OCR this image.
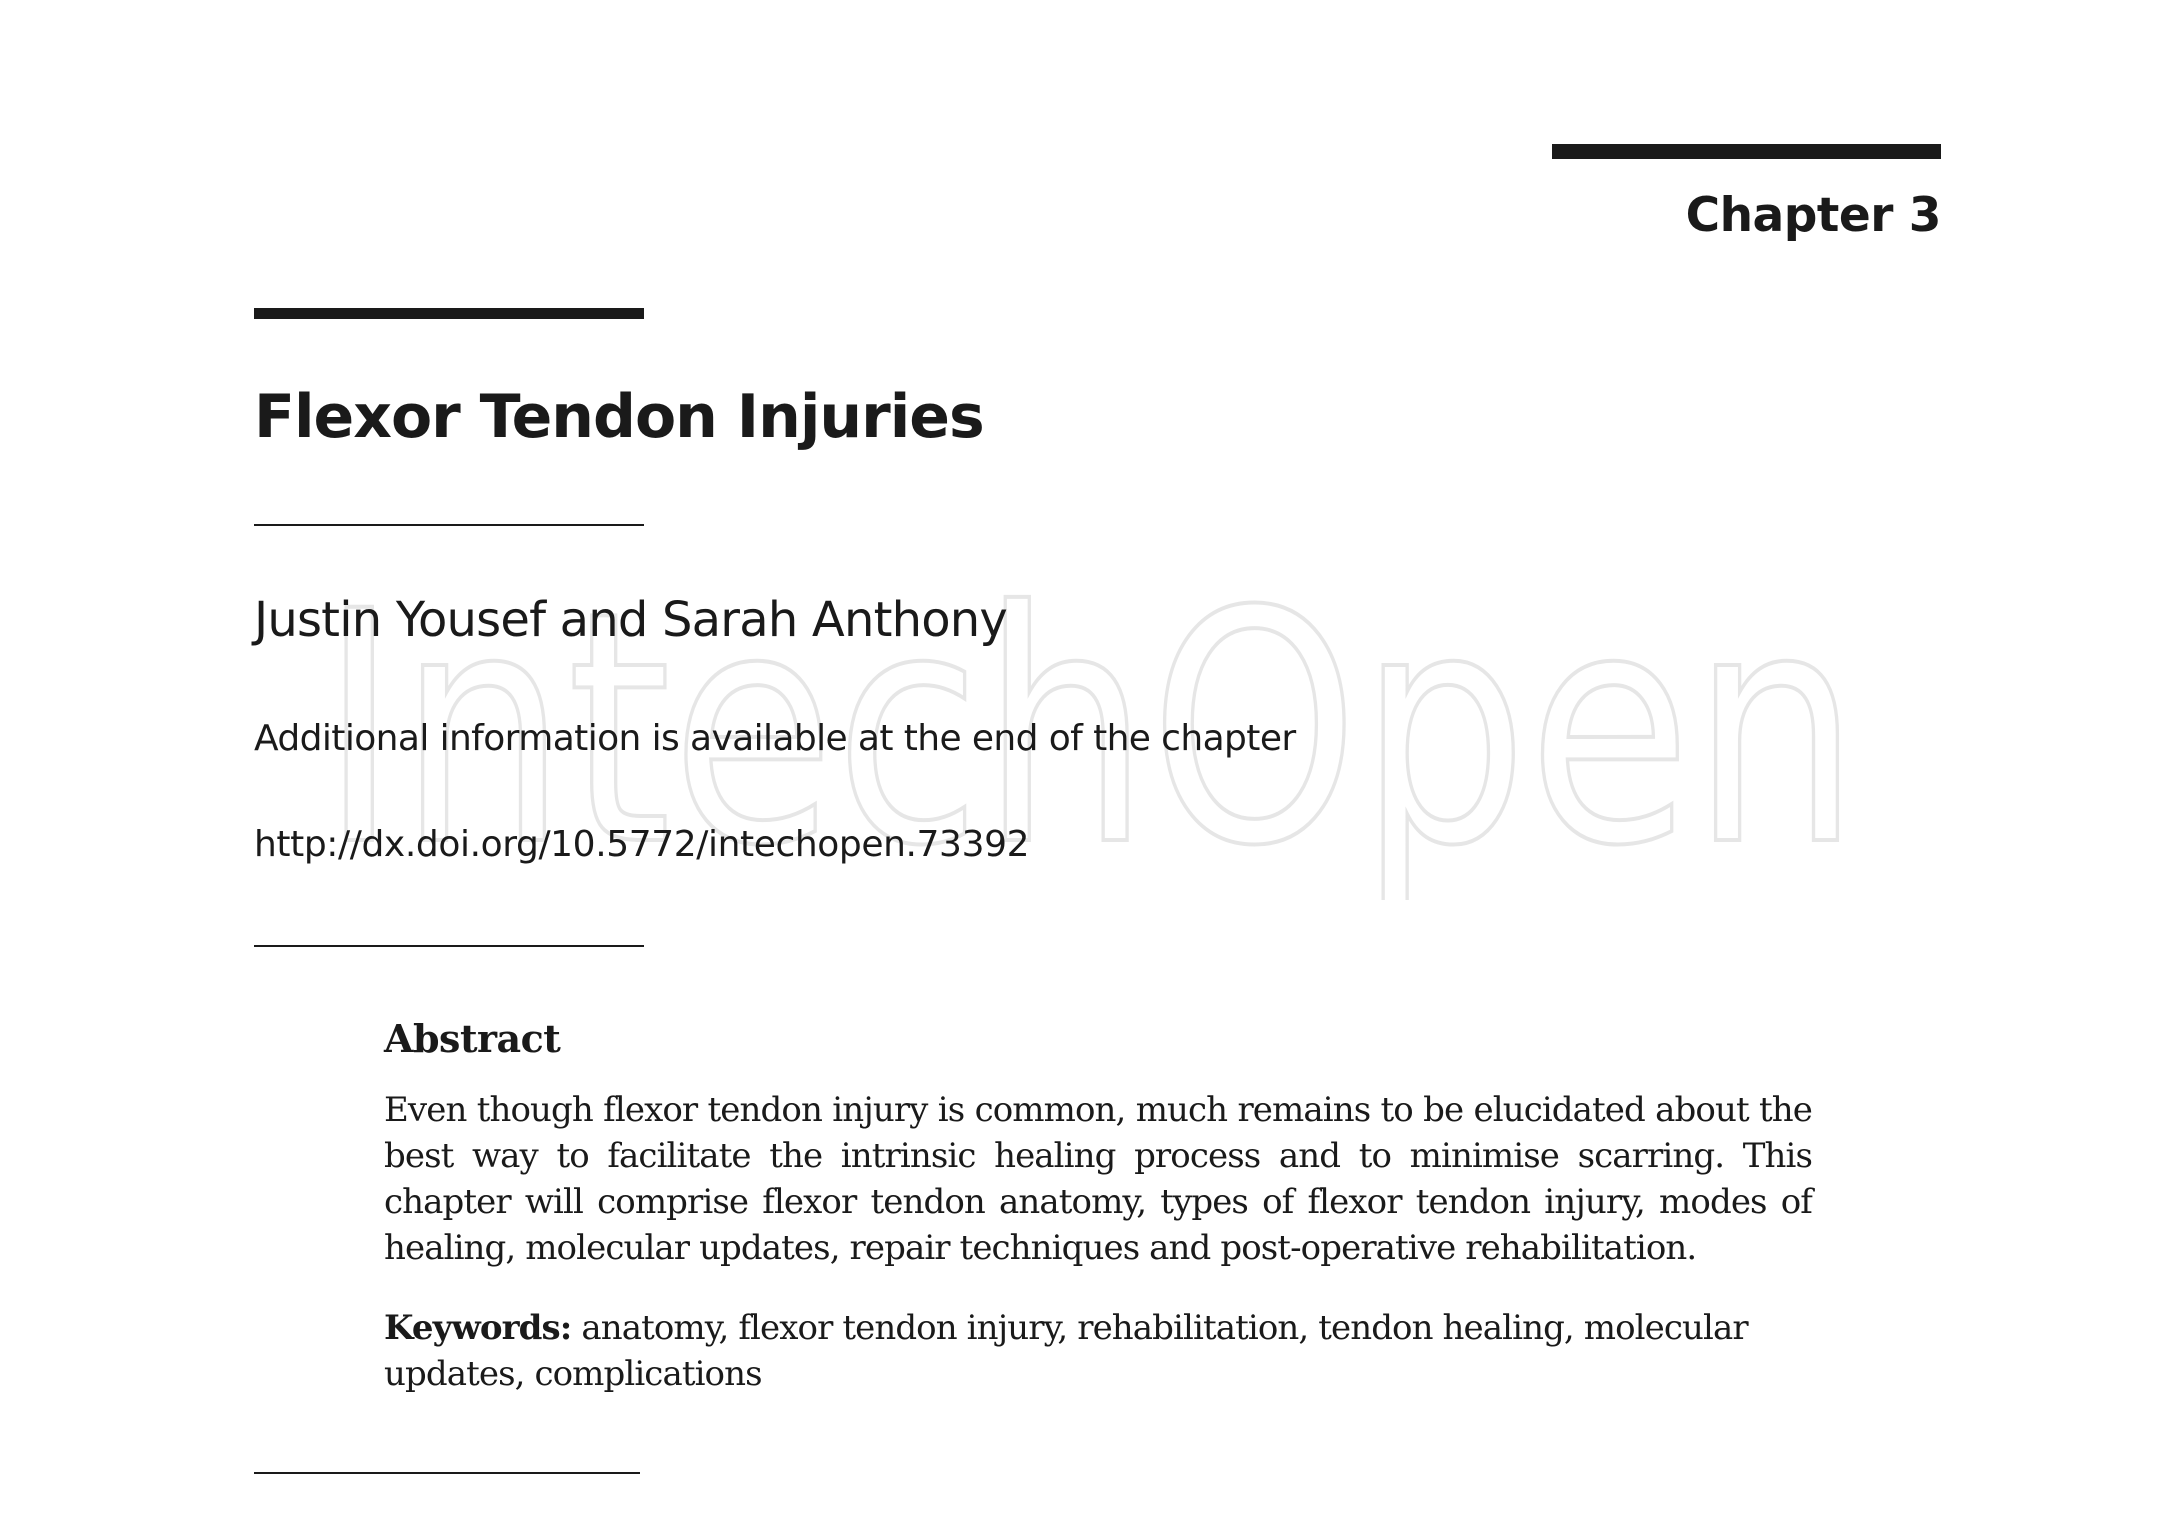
Chapter 3
Flexor Tendon Injuries
IntechOpen
Justin Yousef and Sarah Anthony
Additional information is available at the end of the chapter
http://dx.doi.org/10.5772/intechopen.73392
Abstract

Even though flexor tendon injury is common, much remains to be elucidated about the best way to facilitate the intrinsic healing process and to minimise scarring. This chapter will comprise flexor tendon anatomy, types of flexor tendon injury, modes of healing, molecular updates, repair techniques and post-operative rehabilitation.

Keywords: anatomy, flexor tendon injury, rehabilitation, tendon healing, molecular updates, complications
